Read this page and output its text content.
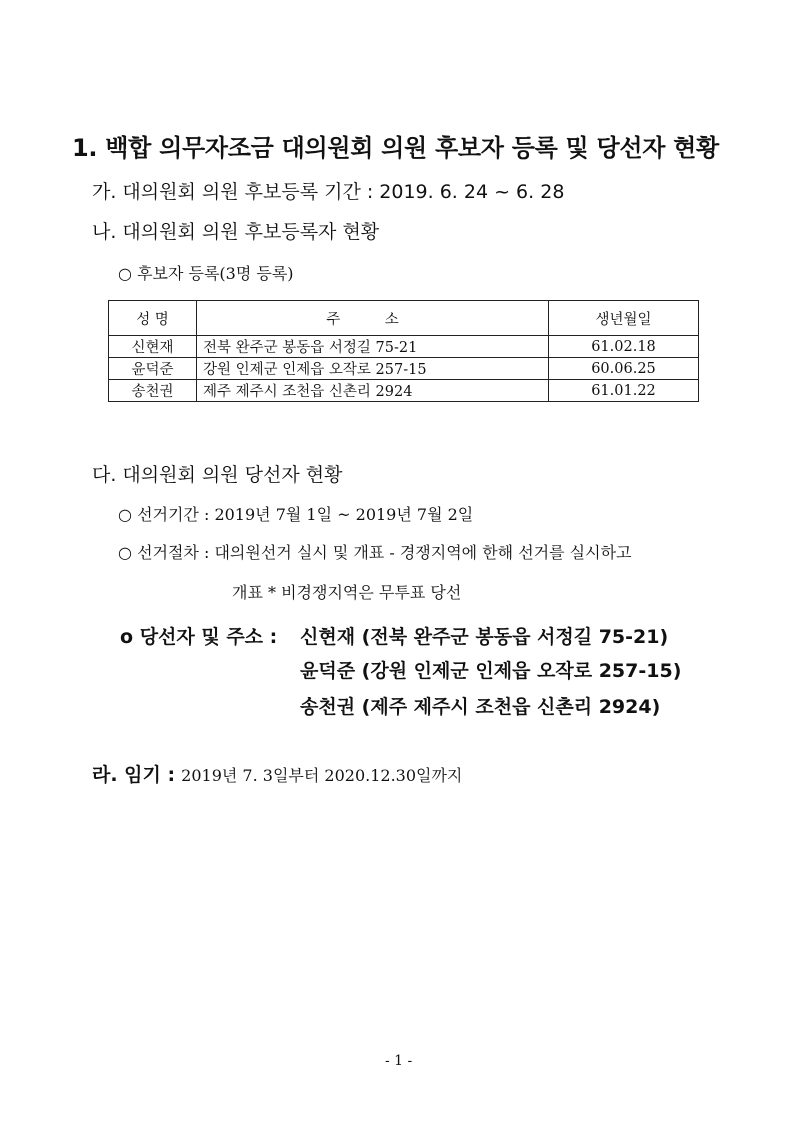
1. 백합 의무자조금 대의원회 의원 후보자 등록 및 당선자 현황
가. 대의원회 의원 후보등록 기간 : 2019. 6. 24 ~ 6. 28
나. 대의원회 의원 후보등록자 현황
○ 후보자 등록(3명 등록)
성 명	주 소	생년월일
신현재	전북 완주군 봉동읍 서정길 75-21	61.02.18
윤덕준	강원 인제군 인제읍 오작로 257-15	60.06.25
송천권	제주 제주시 조천읍 신촌리 2924	61.01.22
다. 대의원회 의원 당선자 현황
○ 선거기간 : 2019년 7월 1일 ~ 2019년 7월 2일
○ 선거절차 : 대의원선거 실시 및 개표 - 경쟁지역에 한해 선거를 실시하고
개표 * 비경쟁지역은 무투표 당선
o 당선자 및 주소 : 신현재 (전북 완주군 봉동읍 서정길 75-21)
윤덕준 (강원 인제군 인제읍 오작로 257-15)
송천권 (제주 제주시 조천읍 신촌리 2924)
라. 임기 : 2019년 7. 3일부터 2020.12.30일까지
- 1 -
